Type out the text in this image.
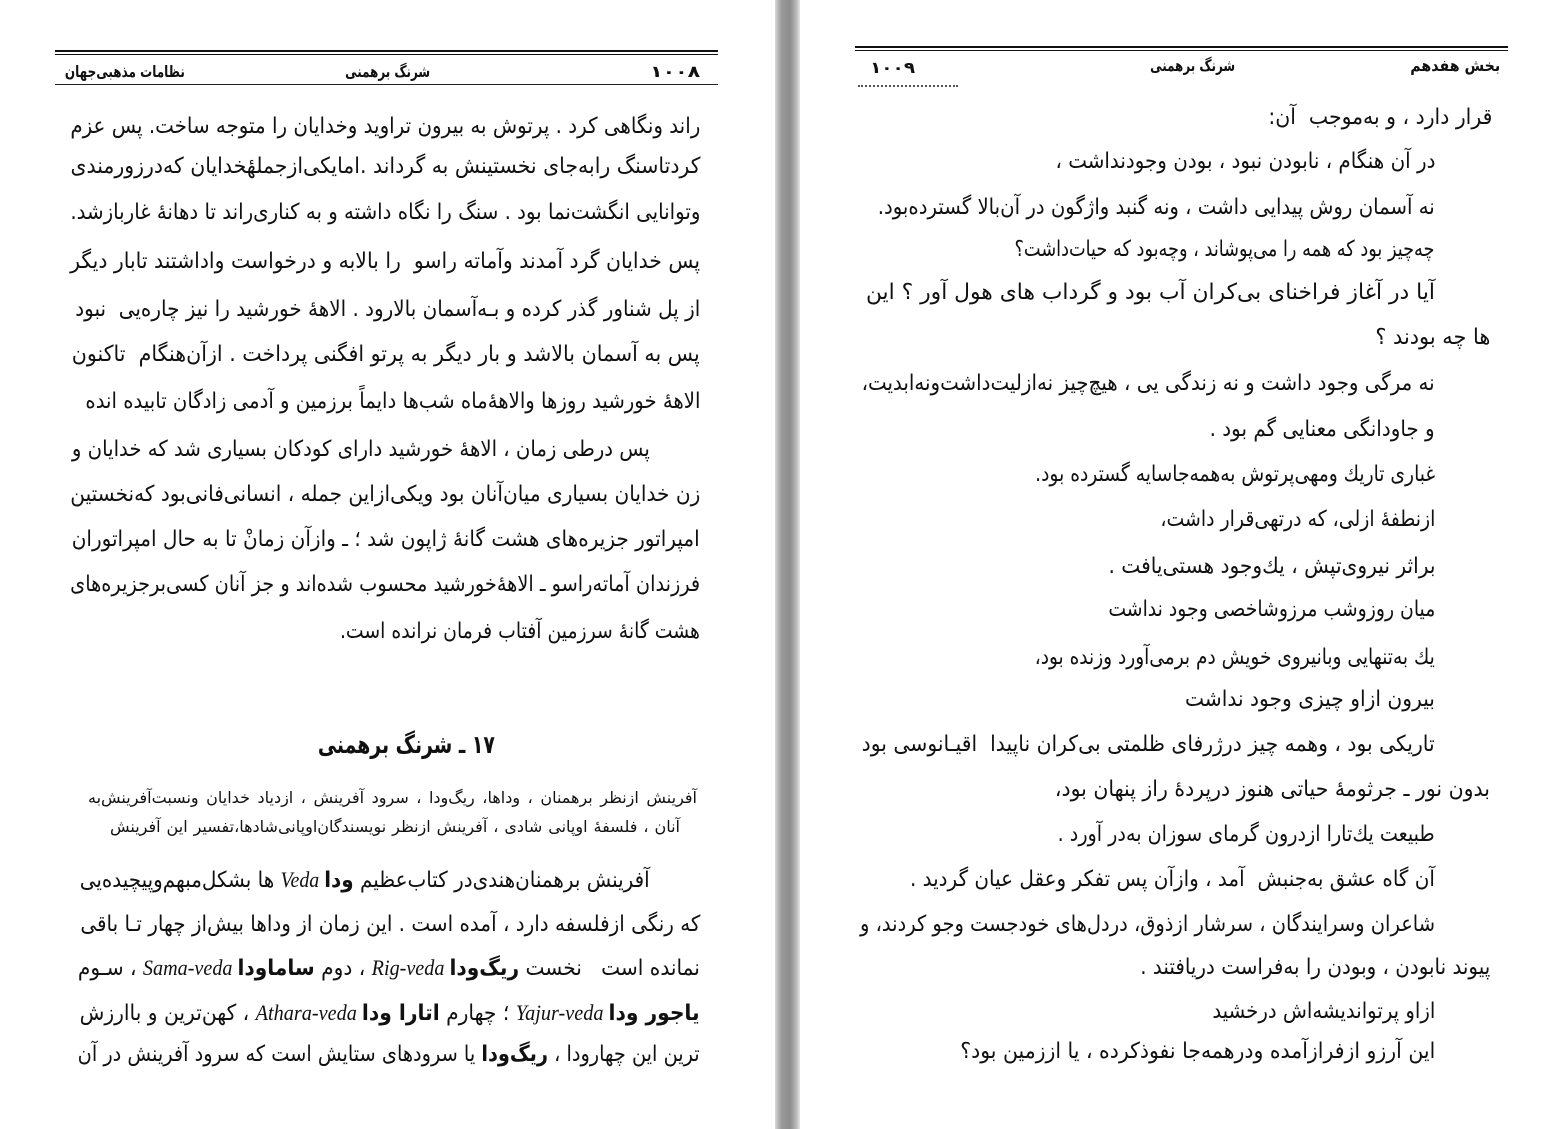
۱۰۰۸
شرنگ برهمنی
نظامات مذهبی‌جهان
راند ونگاهی کرد . پرتوش به بیرون تراوید وخدایان را متوجه ساخت. پس عزم
کردتاسنگ رابه‌جای نخستینش به گرداند .امایکی‌ازجملهٔخدایان که‌درزورمندی
وتوانایی انگشت‌نما بود . سنگ را نگاه داشته و به کناری‌راند تا دهانهٔ غاربازشد.
پس خدایان گرد آمدند وآماته راسو  را بالابه و درخواست واداشتند تابار دیگر
از پل شناور گذر کرده و بـه‌آسمان بالارود . الاههٔ خورشید را نیز چاره‌یی  نبود
پس به آسمان بالاشد و بار دیگر به پرتو افگنی پرداخت . ازآن‌هنگام  تاکنون
الاههٔ خورشید روزها والاههٔ‌ماه شب‌ها دایماً برزمین و آدمی زادگان تابیده انده
پس درطی زمان ، الاههٔ خورشید دارای کودکان بسیاری شد که خدایان و
زن خدایان بسیاری میان‌آنان بود ویکی‌ازاین جمله ، انسانی‌فانی‌بود که‌نخستین
امپراتور جزیره‌های هشت گانهٔ ژاپون شد ؛ ـ وازآن زمانْ تا به حال امپراتوران
فرزندان آماته‌راسو ـ الاههٔ‌خورشید محسوب شده‌اند و جز آنان کسی‌برجزیره‌های
هشت گانهٔ سرزمین آفتاب فرمان نرانده است.
۱۷ ـ شرنگ برهمنی
آفرینش ازنظر برهمنان ، وداها، ریگ‌ودا ، سرود آفرینش ، ازدیاد خدایان ونسبت‌آفرینش‌به
آنان ، فلسفهٔ اوپانی شادی ، آفرینش ازنظر نویسندگان‌اوپانی‌شادها،تفسیر این آفرینش
آفرینش برهمنان‌هندی‌در کتاب‌عظیم ودا Veda ها بشکل‌مبهم‌وپیچیده‌یی
که رنگی ازفلسفه دارد ، آمده است . این زمان از وداها بیش‌از چهار تـا باقی
نمانده است   نخست ریگ‌ودا Rig-veda ، دوم ساماودا Sama-veda ، سـوم
یاجور ودا Yajur-veda ؛ چهارم اتارا ودا Athara-veda ، کهن‌ترین و باارزش
ترین این چهارودا ، ریگ‌ودا یا سرودهای ستایش است که سرود آفرینش در آن
بخش هفدهم
شرنگ برهمنی
۱۰۰۹
قرار دارد ، و به‌موجب  آن:
در آن هنگام ، نابودن نبود ، بودن وجودنداشت ،
نه آسمان روش پیدایی داشت ، ونه گنبد واژگون در آن‌بالا گسترده‌بود.
چه‌چیز بود که همه را می‌پوشاند ، وچه‌بود که حیات‌داشت؟
آیا در آغاز فراخنای بی‌کران آب بود و گرداب های هول آور ؟ این
ها چه بودند ؟
نه مرگی وجود داشت و نه زندگی یی ، هیچ‌چیز نه‌ازلیت‌داشت‌ونه‌ابدیت،
و جاودانگی معنایی گم بود .
غباری تاریك ومهی‌پرتوش به‌همه‌جاسایه گسترده بود.
ازنطفهٔ ازلی، که درتهی‌قرار داشت،
براثر نیروی‌تپش ، یك‌وجود هستی‌یافت .
میان روزوشب مرزوشاخصی وجود نداشت
یك به‌تنهایی وبانیروی خویش دم برمی‌آورد وزنده بود،
بیرون ازاو چیزی وجود نداشت
تاریکی بود ، وهمه چیز درژرفای ظلمتی بی‌کران ناپیدا  اقیـانوسی بود
بدون نور ـ جرثومهٔ حیاتی هنوز درپردهٔ راز پنهان بود،
طبیعت یك‌تارا ازدرون گرمای سوزان به‌در آورد .
آن گاه عشق به‌جنبش  آمد ، وازآن پس تفکر وعقل عیان گردید .
شاعران وسرایندگان ، سرشار ازذوق، دردل‌های خودجست وجو کردند، و
پیوند نابودن ، وبودن را به‌فراست دریافتند .
ازاو پرتواندیشه‌اش درخشید
این آرزو ازفرازآمده ودرهمه‌جا نفوذکرده ، یا اززمین بود؟
